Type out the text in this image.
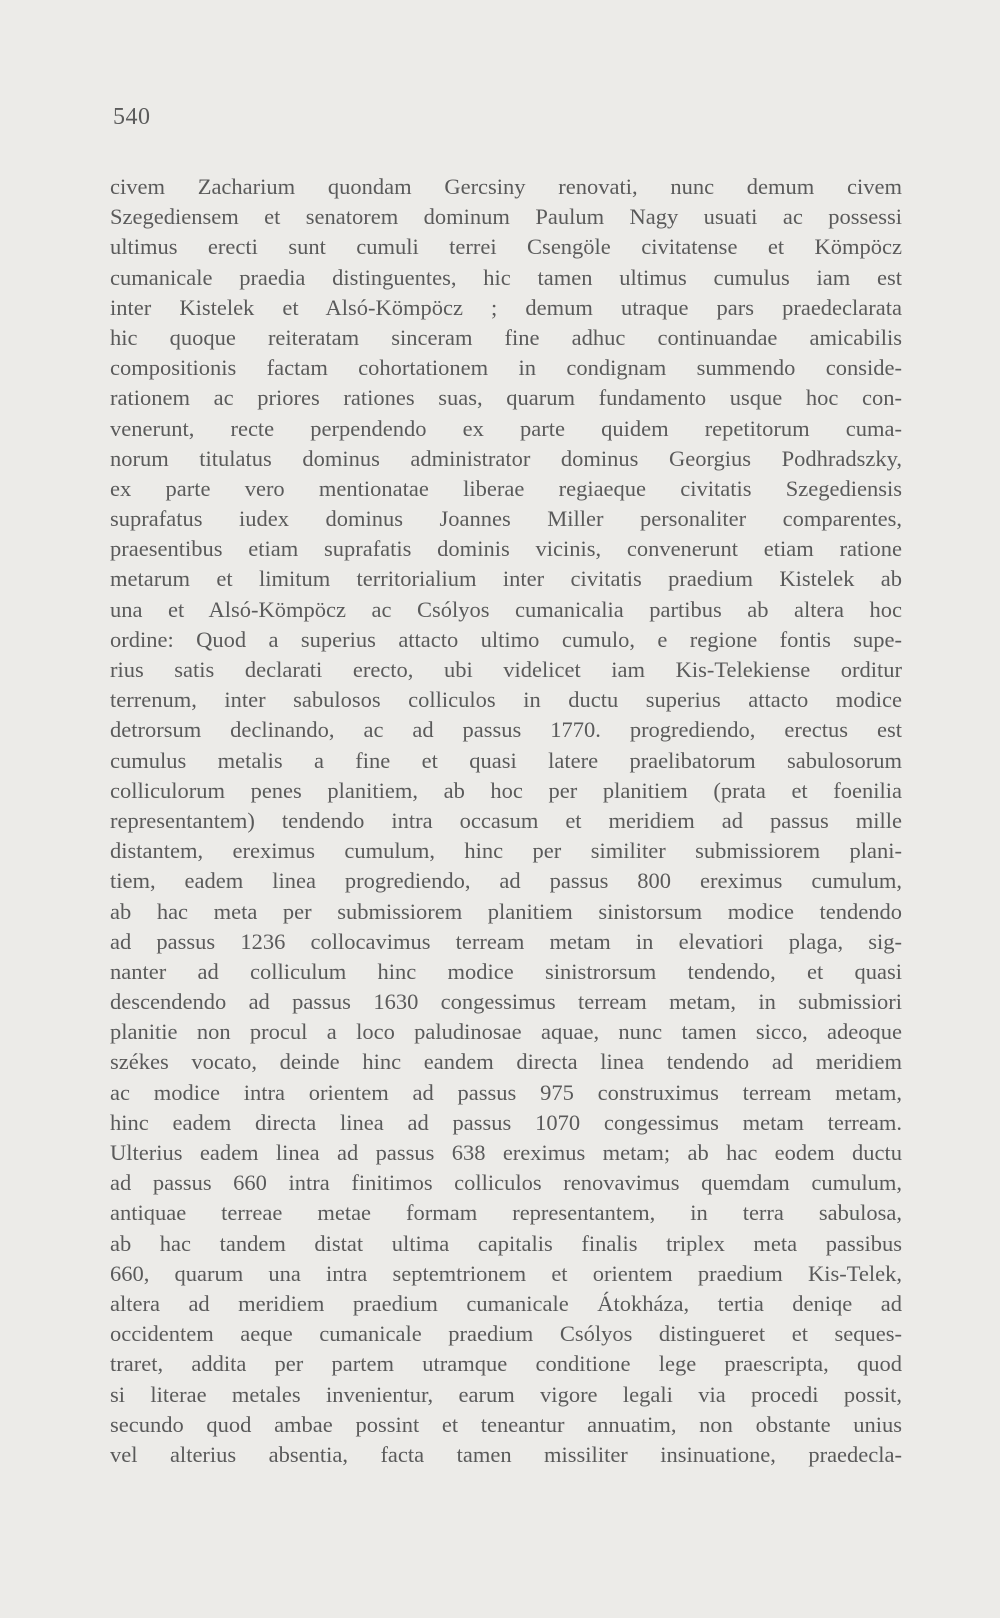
540
civem Zacharium quondam Gercsiny renovati, nunc demum civem
Szegediensem et senatorem dominum Paulum Nagy usuati ac possessi
ultimus erecti sunt cumuli terrei Csengöle civitatense et Kömpöcz
cumanicale praedia distinguentes, hic tamen ultimus cumulus iam est
inter Kistelek et Alsó-Kömpöcz ; demum utraque pars praedeclarata
hic quoque reiteratam sinceram fine adhuc continuandae amicabilis
compositionis factam cohortationem in condignam summendo conside-
rationem ac priores rationes suas, quarum fundamento usque hoc con-
venerunt, recte perpendendo ex parte quidem repetitorum cuma-
norum titulatus dominus administrator dominus Georgius Podhradszky,
ex parte vero mentionatae liberae regiaeque civitatis Szegediensis
suprafatus iudex dominus Joannes Miller personaliter comparentes,
praesentibus etiam suprafatis dominis vicinis, convenerunt etiam ratione
metarum et limitum territorialium inter civitatis praedium Kistelek ab
una et Alsó-Kömpöcz ac Csólyos cumanicalia partibus ab altera hoc
ordine: Quod a superius attacto ultimo cumulo, e regione fontis supe-
rius satis declarati erecto, ubi videlicet iam Kis-Telekiense orditur
terrenum, inter sabulosos colliculos in ductu superius attacto modice
detrorsum declinando, ac ad passus 1770. progrediendo, erectus est
cumulus metalis a fine et quasi latere praelibatorum sabulosorum
colliculorum penes planitiem, ab hoc per planitiem (prata et foenilia
representantem) tendendo intra occasum et meridiem ad passus mille
distantem, ereximus cumulum, hinc per similiter submissiorem plani-
tiem, eadem linea progrediendo, ad passus 800 ereximus cumulum,
ab hac meta per submissiorem planitiem sinistorsum modice tendendo
ad passus 1236 collocavimus terream metam in elevatiori plaga, sig-
nanter ad colliculum hinc modice sinistrorsum tendendo, et quasi
descendendo ad passus 1630 congessimus terream metam, in submissiori
planitie non procul a loco paludinosae aquae, nunc tamen sicco, adeoque
székes vocato, deinde hinc eandem directa linea tendendo ad meridiem
ac modice intra orientem ad passus 975 construximus terream metam,
hinc eadem directa linea ad passus 1070 congessimus metam terream.
Ulterius eadem linea ad passus 638 ereximus metam; ab hac eodem ductu
ad passus 660 intra finitimos colliculos renovavimus quemdam cumulum,
antiquae terreae metae formam representantem, in terra sabulosa,
ab hac tandem distat ultima capitalis finalis triplex meta passibus
660, quarum una intra septemtrionem et orientem praedium Kis-Telek,
altera ad meridiem praedium cumanicale Átokháza, tertia deniqe ad
occidentem aeque cumanicale praedium Csólyos distingueret et seques-
traret, addita per partem utramque conditione lege praescripta, quod
si literae metales invenientur, earum vigore legali via procedi possit,
secundo quod ambae possint et teneantur annuatim, non obstante unius
vel alterius absentia, facta tamen missiliter insinuatione, praedecla-
